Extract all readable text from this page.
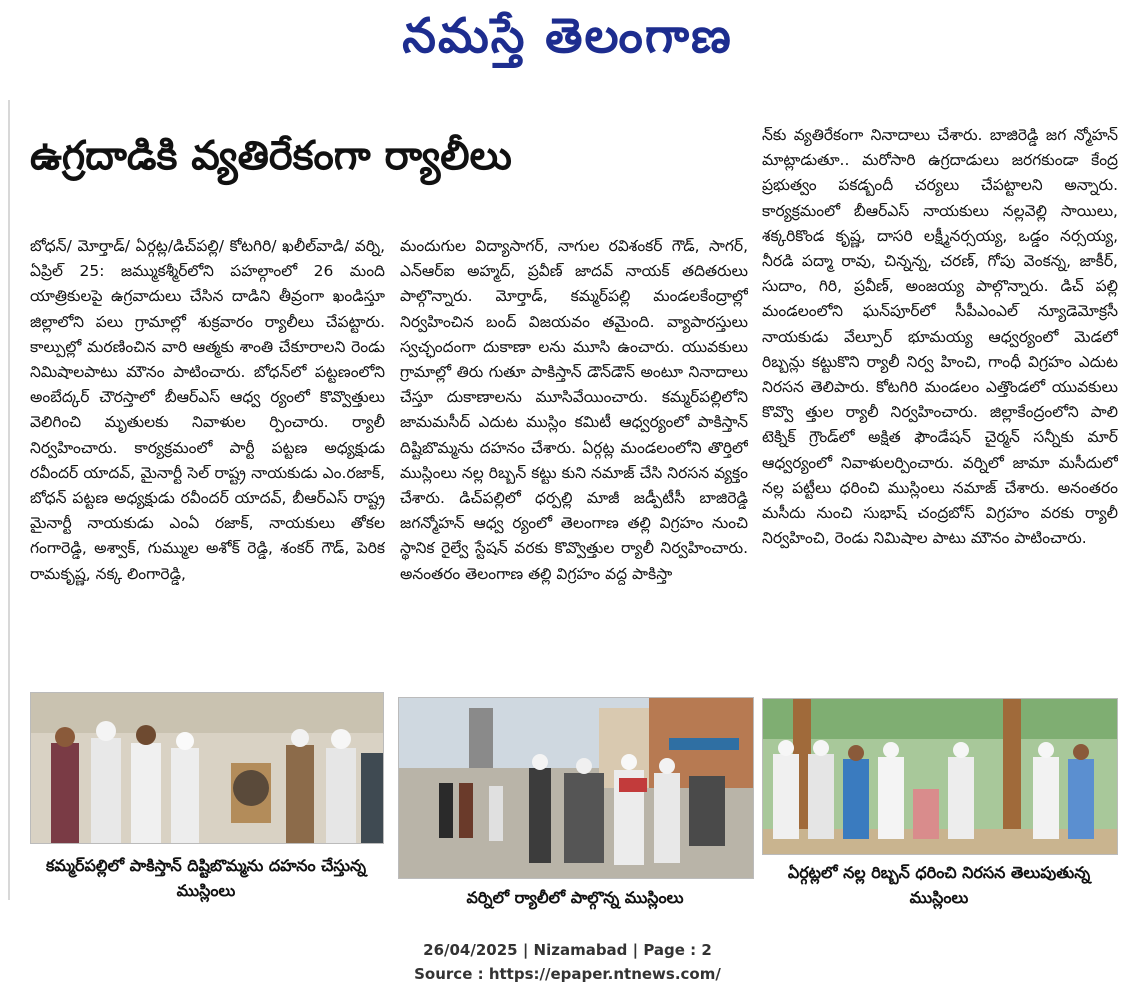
నమస్తే తెలంగాణ
ఉగ్రదాడికి వ్యతిరేకంగా ర్యాలీలు
బోధన్/ మోర్తాడ్/ ఏర్గట్ల/డిచ్‌పల్లి/ కోటగిరి/ ఖలీల్‌వాడి/ వర్ని, ఏప్రిల్ 25: జమ్ముకశ్మీర్‌లోని పహల్గాంలో 26 మంది యాత్రికులపై ఉగ్రవాదులు చేసిన దాడిని తీవ్రంగా ఖండిస్తూ జిల్లాలోని పలు గ్రామాల్లో శుక్రవారం ర్యాలీలు చేపట్టారు. కాల్పుల్లో మరణించిన వారి ఆత్మకు శాంతి చేకూరాలని రెండు నిమిషాలపాటు మౌనం పాటించారు. బోధన్‌లో పట్టణంలోని అంబేద్కర్ చౌరస్తాలో బీఆర్‌ఎస్ ఆధ్వ ర్యంలో కొవ్వొత్తులు వెలిగించి మృతులకు నివాళుల ర్పించారు. ర్యాలీ నిర్వహించారు. కార్యక్రమంలో పార్టీ పట్టణ అధ్యక్షుడు రవీందర్ యాదవ్, మైనార్టీ సెల్ రాష్ట్ర నాయకుడు ఎం.రజాక్, బోధన్ పట్టణ అధ్యక్షుడు రవీందర్ యాదవ్, బీఆర్‌ఎస్ రాష్ట్ర మైనార్టీ నాయకుడు ఎంఏ రజాక్, నాయకులు తోకల గంగారెడ్డి, అశ్వాక్, గుమ్ముల అశోక్ రెడ్డి, శంకర్ గౌడ్, పెరిక రామకృష్ణ, నక్క లింగారెడ్డి,
మందుగుల విద్యాసాగర్, నాగుల రవిశంకర్ గౌడ్, సాగర్, ఎన్ఆర్ఐ అహ్మద్, ప్రవీణ్ జాదవ్ నాయక్ తదితరులు పాల్గొన్నారు. మోర్తాడ్, కమ్మర్‌పల్లి మండలకేంద్రాల్లో నిర్వహించిన బంద్ విజయవం తమైంది. వ్యాపారస్తులు స్వచ్ఛందంగా దుకాణా లను మూసి ఉంచారు. యువకులు గ్రామాల్లో తిరు గుతూ పాకిస్తాన్ డౌన్‌డౌన్ అంటూ నినాదాలు చేస్తూ దుకాణాలను మూసివేయించారు. కమ్మర్‌పల్లిలోని జామమసీద్ ఎదుట ముస్లిం కమిటీ ఆధ్వర్యంలో పాకిస్తాన్ దిష్టిబొమ్మను దహనం చేశారు. ఏర్గట్ల మండలంలోని తొర్తిలో ముస్లింలు నల్ల రిబ్బన్ కట్టు కుని నమాజ్ చేసి నిరసన వ్యక్తం చేశారు. డిచ్‌పల్లిలో ధర్పల్లి మాజీ జడ్పీటీసీ బాజిరెడ్డి జగన్మోహన్ ఆధ్వ ర్యంలో తెలంగాణ తల్లి విగ్రహం నుంచి స్థానిక రైల్వే స్టేషన్ వరకు కొవ్వొత్తుల ర్యాలీ నిర్వహించారు. అనంతరం తెలంగాణ తల్లి విగ్రహం వద్ద పాకిస్తా
న్‌కు వ్యతిరేకంగా నినాదాలు చేశారు. బాజిరెడ్డి జగ న్మోహన్ మాట్లాడుతూ.. మరోసారి ఉగ్రదాడులు జరగకుండా కేంద్ర ప్రభుత్వం పకడ్బందీ చర్యలు చేపట్టాలని అన్నారు. కార్యక్రమంలో బీఆర్‌ఎస్ నాయకులు నల్లవెల్లి సాయిలు, శక్కరికొండ కృష్ణ, దాసరి లక్ష్మీనర్సయ్య, ఒడ్డం నర్సయ్య, నీరడి పద్మా రావు, చిన్నన్న, చరణ్, గోపు వెంకన్న, జాకీర్, సుదాం, గిరి, ప్రవీణ్, అంజయ్య పాల్గొన్నారు. డిచ్ పల్లి మండలంలోని ఘన్‌పూర్‌లో సీపీఎంఎల్ న్యూడెమోక్రసీ నాయకుడు వేల్పూర్ భూమయ్య ఆధ్వర్యంలో మెడలో రిబ్బన్లు కట్టుకొని ర్యాలీ నిర్వ హించి, గాంధీ విగ్రహం ఎదుట నిరసన తెలిపారు. కోటగిరి మండలం ఎత్తొండలో యువకులు కొవ్వొ త్తుల ర్యాలీ నిర్వహించారు. జిల్లాకేంద్రంలోని పాలి టెక్నిక్ గ్రౌండ్‌లో అక్షిత ఫౌండేషన్ చైర్మన్ సన్నీకు మార్ ఆధ్వర్యంలో నివాళులర్పించారు. వర్నిలో జామా మసీదులో నల్ల పట్టీలు ధరించి ముస్లింలు నమాజ్ చేశారు. అనంతరం మసీదు నుంచి సుభాష్ చంద్రబోస్ విగ్రహం వరకు ర్యాలీ నిర్వహించి, రెండు నిమిషాల పాటు మౌనం పాటించారు.
కమ్మర్‌పల్లిలో పాకిస్తాన్ దిష్టిబొమ్మను దహనం చేస్తున్న ముస్లింలు	వర్నిలో ర్యాలీలో పాల్గొన్న ముస్లింలు
ఏర్గట్లలో నల్ల రిబ్బన్ ధరించి నిరసన తెలుపుతున్న ముస్లింలు
26/04/2025 | Nizamabad | Page : 2
Source : https://epaper.ntnews.com/
